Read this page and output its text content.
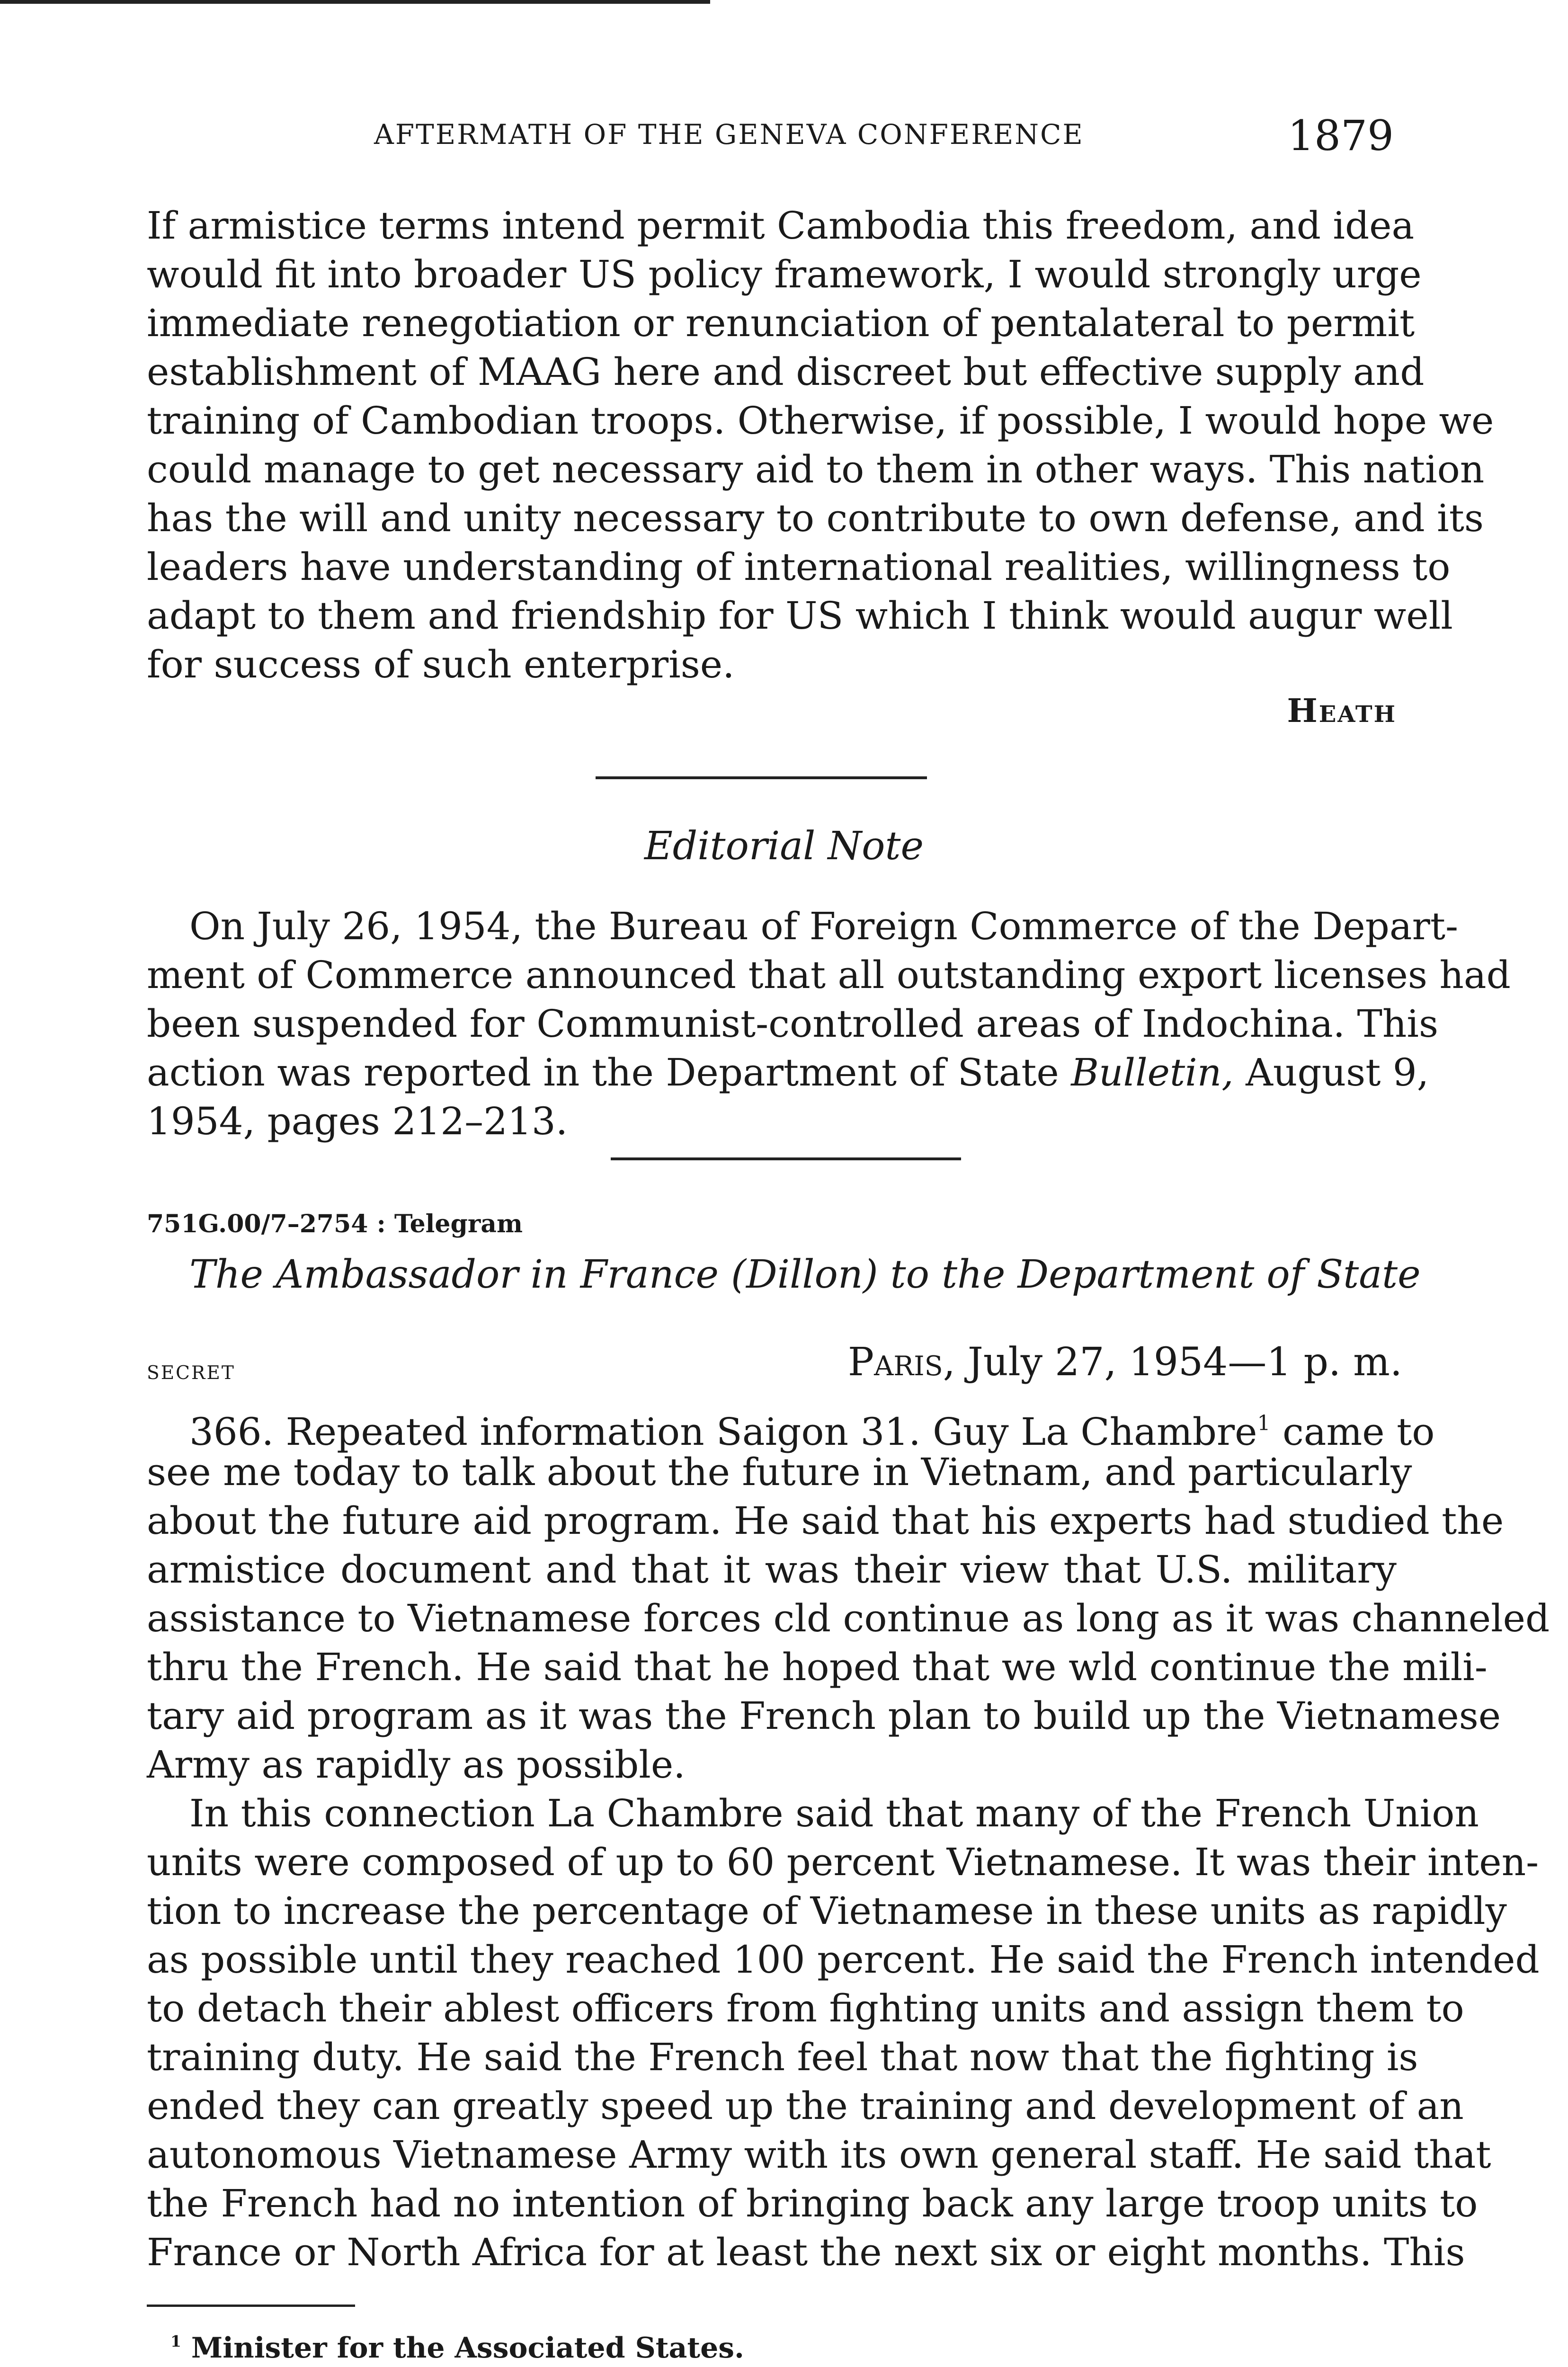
AFTERMATH OF THE GENEVA CONFERENCE	1879
If armistice terms intend permit Cambodia this freedom, and idea
would fit into broader US policy framework, I would strongly urge
immediate renegotiation or renunciation of pentalateral to permit
establishment of MAAG here and discreet but effective supply and
training of Cambodian troops. Otherwise, if possible, I would hope we
could manage to get necessary aid to them in other ways. This nation
has the will and unity necessary to contribute to own defense, and its
leaders have understanding of international realities, willingness to
adapt to them and friendship for US which I think would augur well
for success of such enterprise.
Heath
Editorial Note
On July 26, 1954, the Bureau of Foreign Commerce of the Depart-
ment of Commerce announced that all outstanding export licenses had
been suspended for Communist-controlled areas of Indochina. This
action was reported in the Department of State Bulletin, August 9,
1954, pages 212–213.
751G.00/7–2754 : Telegram
The Ambassador in France (Dillon) to the Department of State
secret	Paris, July 27, 1954—1 p. m.
366. Repeated information Saigon 31. Guy La Chambre$^1$ came to
see me today to talk about the future in Vietnam, and particularly
about the future aid program. He said that his experts had studied the
armistice document and that it was their view that U.S. military
assistance to Vietnamese forces cld continue as long as it was channeled
thru the French. He said that he hoped that we wld continue the mili-
tary aid program as it was the French plan to build up the Vietnamese
Army as rapidly as possible.
In this connection La Chambre said that many of the French Union
units were composed of up to 60 percent Vietnamese. It was their inten-
tion to increase the percentage of Vietnamese in these units as rapidly
as possible until they reached 100 percent. He said the French intended
to detach their ablest officers from fighting units and assign them to
training duty. He said the French feel that now that the fighting is
ended they can greatly speed up the training and development of an
autonomous Vietnamese Army with its own general staff. He said that
the French had no intention of bringing back any large troop units to
France or North Africa for at least the next six or eight months. This
$^1$ Minister for the Associated States.
